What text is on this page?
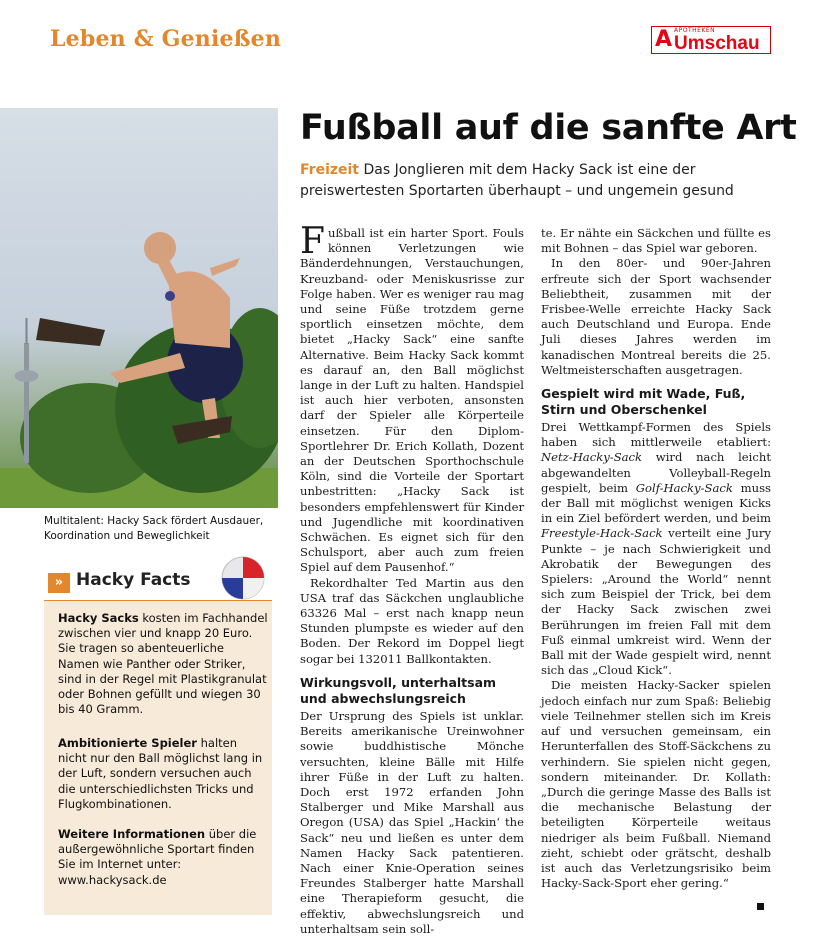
Leben & Genießen	A APOTHEKEN
Umschau
Multitalent: Hacky Sack fördert Ausdauer, Koordination und Beweglichkeit
» Hacky Facts
Hacky Sacks kosten im Fachhandel zwischen vier und knapp 20 Euro. Sie tragen so abenteuerliche Namen wie Panther oder Striker, sind in der Regel mit Plastikgranulat oder Bohnen gefüllt und wiegen 30 bis 40 Gramm.
Ambitionierte Spieler halten nicht nur den Ball möglichst lang in der Luft, sondern versuchen auch die unterschiedlichsten Tricks und Flugkombinationen.
Weitere Informationen über die außergewöhnliche Sportart finden Sie im Internet unter:
www.hackysack.de
Fußball auf die sanfte Art
Freizeit Das Jonglieren mit dem Hacky Sack ist eine der preiswertesten Sportarten überhaupt – und ungemein gesund

Fußball ist ein harter Sport. Fouls können Verletzungen wie Bänderdehnungen, Verstauchungen, Kreuzband- oder Meniskusrisse zur Folge haben. Wer es weniger rau mag und seine Füße trotzdem gerne sportlich einsetzen möchte, dem bietet „Hacky Sack“ eine sanfte Alternative. Beim Hacky Sack kommt es darauf an, den Ball möglichst lange in der Luft zu halten. Handspiel ist auch hier verboten, ansonsten darf der Spieler alle Körperteile einsetzen. Für den Diplom-Sportlehrer Dr. Erich Kollath, Dozent an der Deutschen Sporthochschule Köln, sind die Vorteile der Sportart unbestritten: „Hacky Sack ist besonders empfehlenswert für Kinder und Jugendliche mit koordinativen Schwächen. Es eignet sich für den Schulsport, aber auch zum freien Spiel auf dem Pausenhof.“

Rekordhalter Ted Martin aus den USA traf das Säckchen unglaubliche 63326 Mal – erst nach knapp neun Stunden plumpste es wieder auf den Boden. Der Rekord im Doppel liegt sogar bei 132011 Ballkontakten.

Wirkungsvoll, unterhaltsam und abwechslungsreich

Der Ursprung des Spiels ist unklar. Bereits amerikanische Ureinwohner sowie buddhistische Mönche versuchten, kleine Bälle mit Hilfe ihrer Füße in der Luft zu halten. Doch erst 1972 erfanden John Stalberger und Mike Marshall aus Oregon (USA) das Spiel „Hackin‘ the Sack“ neu und ließen es unter dem Namen Hacky Sack patentieren. Nach einer Knie-Operation seines Freundes Stalberger hatte Marshall eine Therapieform gesucht, die effektiv, abwechslungsreich und unterhaltsam sein soll-

te. Er nähte ein Säckchen und füllte es mit Bohnen – das Spiel war geboren.

In den 80er- und 90er-Jahren erfreute sich der Sport wachsender Beliebtheit, zusammen mit der Frisbee-Welle erreichte Hacky Sack auch Deutschland und Europa. Ende Juli dieses Jahres werden im kanadischen Montreal bereits die 25. Weltmeisterschaften ausgetragen.

Gespielt wird mit Wade, Fuß, Stirn und Oberschenkel

Drei Wettkampf-Formen des Spiels haben sich mittlerweile etabliert: Netz-Hacky-Sack wird nach leicht abgewandelten Volleyball-Regeln gespielt, beim Golf-Hacky-Sack muss der Ball mit möglichst wenigen Kicks in ein Ziel befördert werden, und beim Freestyle-Hack-Sack verteilt eine Jury Punkte – je nach Schwierigkeit und Akrobatik der Bewegungen des Spielers: „Around the World“ nennt sich zum Beispiel der Trick, bei dem der Hacky Sack zwischen zwei Berührungen im freien Fall mit dem Fuß einmal umkreist wird. Wenn der Ball mit der Wade gespielt wird, nennt sich das „Cloud Kick“.

Die meisten Hacky-Sacker spielen jedoch einfach nur zum Spaß: Beliebig viele Teilnehmer stellen sich im Kreis auf und versuchen gemeinsam, ein Herunterfallen des Stoff-Säckchens zu verhindern. Sie spielen nicht gegen, sondern miteinander. Dr. Kollath: „Durch die geringe Masse des Balls ist die mechanische Belastung der beteiligten Körperteile weitaus niedriger als beim Fußball. Niemand zieht, schiebt oder grätscht, deshalb ist auch das Verletzungsrisiko beim Hacky-Sack-Sport eher gering.“
